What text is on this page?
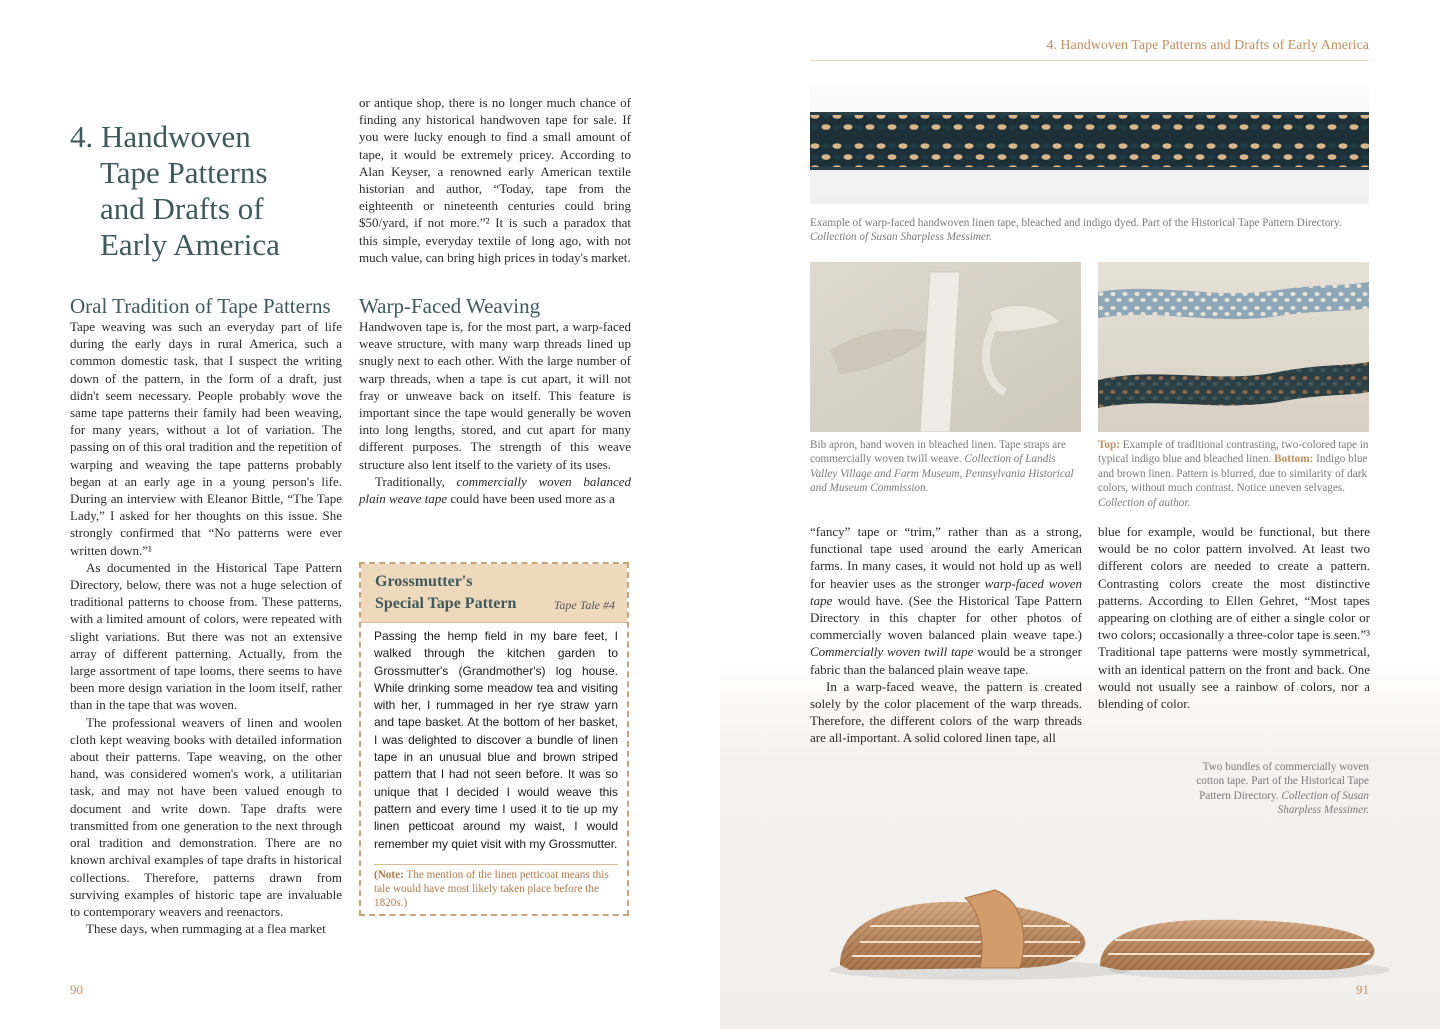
4. Handwoven
Tape Patterns
and Drafts of
Early America
Oral Tradition of Tape Patterns

Tape weaving was such an everyday part of life during the early days in rural America, such a common domestic task, that I suspect the writing down of the pattern, in the form of a draft, just didn't seem necessary. People probably wove the same tape patterns their family had been weaving, for many years, without a lot of variation. The passing on of this oral tradition and the repetition of warping and weaving the tape patterns probably began at an early age in a young person's life. During an interview with Eleanor Bittle, “The Tape Lady,” I asked for her thoughts on this issue. She strongly confirmed that “No patterns were ever written down.”¹

As documented in the Historical Tape Pattern Directory, below, there was not a huge selection of traditional patterns to choose from. These patterns, with a limited amount of colors, were repeated with slight variations. But there was not an extensive array of different patterning. Actually, from the large assortment of tape looms, there seems to have been more design variation in the loom itself, rather than in the tape that was woven.

The professional weavers of linen and woolen cloth kept weaving books with detailed information about their patterns. Tape weaving, on the other hand, was considered women's work, a utilitarian task, and may not have been valued enough to document and write down. Tape drafts were transmitted from one generation to the next through oral tradition and demonstration. There are no known archival examples of tape drafts in historical collections. Therefore, patterns drawn from surviving examples of historic tape are invaluable to contemporary weavers and reenactors.

These days, when rummaging at a flea market

or antique shop, there is no longer much chance of finding any historical handwoven tape for sale. If you were lucky enough to find a small amount of tape, it would be extremely pricey. According to Alan Keyser, a renowned early American textile historian and author, “Today, tape from the eighteenth or nineteenth centuries could bring $50/yard, if not more.”² It is such a paradox that this simple, everyday textile of long ago, with not much value, can bring high prices in today's market.

Warp-Faced Weaving

Handwoven tape is, for the most part, a warp-faced weave structure, with many warp threads lined up snugly next to each other. With the large number of warp threads, when a tape is cut apart, it will not fray or unweave back on itself. This feature is important since the tape would generally be woven into long lengths, stored, and cut apart for many different purposes. The strength of this weave structure also lent itself to the variety of its uses.

Traditionally, commercially woven balanced plain weave tape could have been used more as a

Grossmutter's
Special Tape Pattern	Tape Tale #4
Passing the hemp field in my bare feet, I walked through the kitchen garden to Grossmutter's (Grandmother's) log house. While drinking some meadow tea and visiting with her, I rummaged in her rye straw yarn and tape basket. At the bottom of her basket, I was delighted to discover a bundle of linen tape in an unusual blue and brown striped pattern that I had not seen before. It was so unique that I decided I would weave this pattern and every time I used it to tie up my linen petticoat around my waist, I would remember my quiet visit with my Grossmutter.
(Note: The mention of the linen petticoat means this tale would have most likely taken place before the 1820s.)
90
4. Handwoven Tape Patterns and Drafts of Early America
Example of warp-faced handwoven linen tape, bleached and indigo dyed. Part of the Historical Tape Pattern Directory.
Collection of Susan Sharpless Messimer.
Bib apron, hand woven in bleached linen. Tape straps are commercially woven twill weave. Collection of Landis Valley Village and Farm Museum, Pennsylvania Historical and Museum Commission.
Top: Example of traditional contrasting, two-colored tape in typical indigo blue and bleached linen. Bottom: Indigo blue and brown linen. Pattern is blurred, due to similarity of dark colors, without much contrast. Notice uneven selvages. Collection of author.

“fancy” tape or “trim,” rather than as a strong, functional tape used around the early American farms. In many cases, it would not hold up as well for heavier uses as the stronger warp-faced woven tape would have. (See the Historical Tape Pattern Directory in this chapter for other photos of commercially woven balanced plain weave tape.) Commercially woven twill tape would be a stronger fabric than the balanced plain weave tape.

In a warp-faced weave, the pattern is created solely by the color placement of the warp threads. Therefore, the different colors of the warp threads are all-important. A solid colored linen tape, all

blue for example, would be functional, but there would be no color pattern involved. At least two different colors are needed to create a pattern. Contrasting colors create the most distinctive patterns. According to Ellen Gehret, “Most tapes appearing on clothing are of either a single color or two colors; occasionally a three-color tape is seen.”³ Traditional tape patterns were mostly symmetrical, with an identical pattern on the front and back. One would not usually see a rainbow of colors, nor a blending of color.

Two bundles of commercially woven cotton tape. Part of the Historical Tape Pattern Directory. Collection of Susan Sharpless Messimer.
91
